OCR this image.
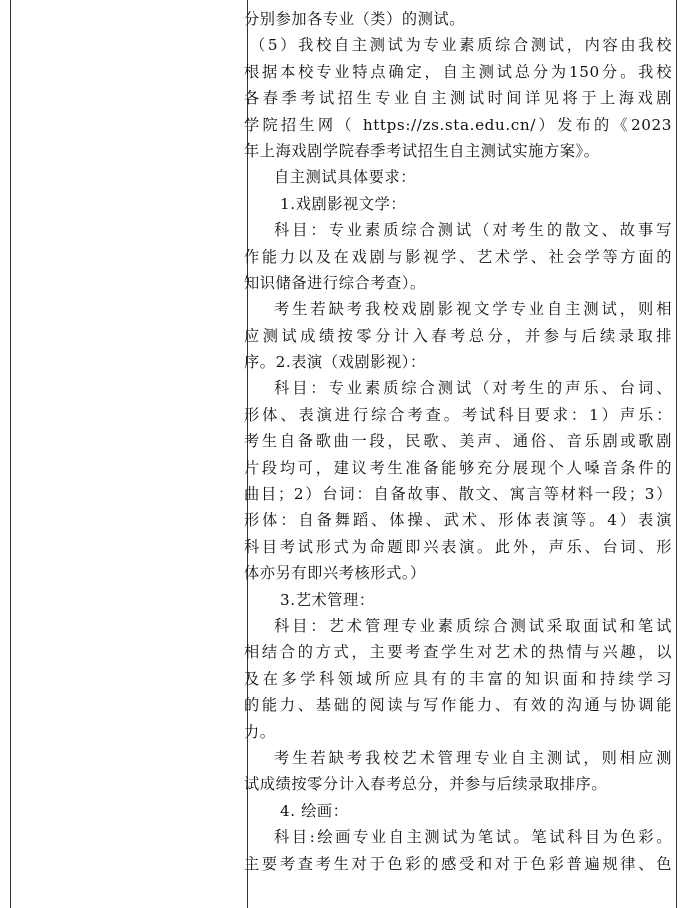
分别参加各专业（类）的测试。
（5）我校自主测试为专业素质综合测试，内容由我校
根据本校专业特点确定，自主测试总分为150分。我校
各春季考试招生专业自主测试时间详见将于上海戏剧
学院招生网（ https://zs.sta.edu.cn/）发布的《2023
年上海戏剧学院春季考试招生自主测试实施方案》。
自主测试具体要求：
1.戏剧影视文学：
科目：专业素质综合测试（对考生的散文、故事写
作能力以及在戏剧与影视学、艺术学、社会学等方面的
知识储备进行综合考查）。
考生若缺考我校戏剧影视文学专业自主测试，则相
应测试成绩按零分计入春考总分，并参与后续录取排
序。2.表演（戏剧影视）：
科目：专业素质综合测试（对考生的声乐、台词、
形体、表演进行综合考查。考试科目要求：1）声乐：
考生自备歌曲一段，民歌、美声、通俗、音乐剧或歌剧
片段均可，建议考生准备能够充分展现个人嗓音条件的
曲目；2）台词：自备故事、散文、寓言等材料一段；3）
形体：自备舞蹈、体操、武术、形体表演等。4）表演
科目考试形式为命题即兴表演。此外，声乐、台词、形
体亦另有即兴考核形式。）
3.艺术管理：
科目：艺术管理专业素质综合测试采取面试和笔试
相结合的方式，主要考查学生对艺术的热情与兴趣，以
及在多学科领域所应具有的丰富的知识面和持续学习
的能力、基础的阅读与写作能力、有效的沟通与协调能
力。
考生若缺考我校艺术管理专业自主测试，则相应测
试成绩按零分计入春考总分，并参与后续录取排序。
4. 绘画：
科目:绘画专业自主测试为笔试。笔试科目为色彩。
主要考查考生对于色彩的感受和对于色彩普遍规律、色
